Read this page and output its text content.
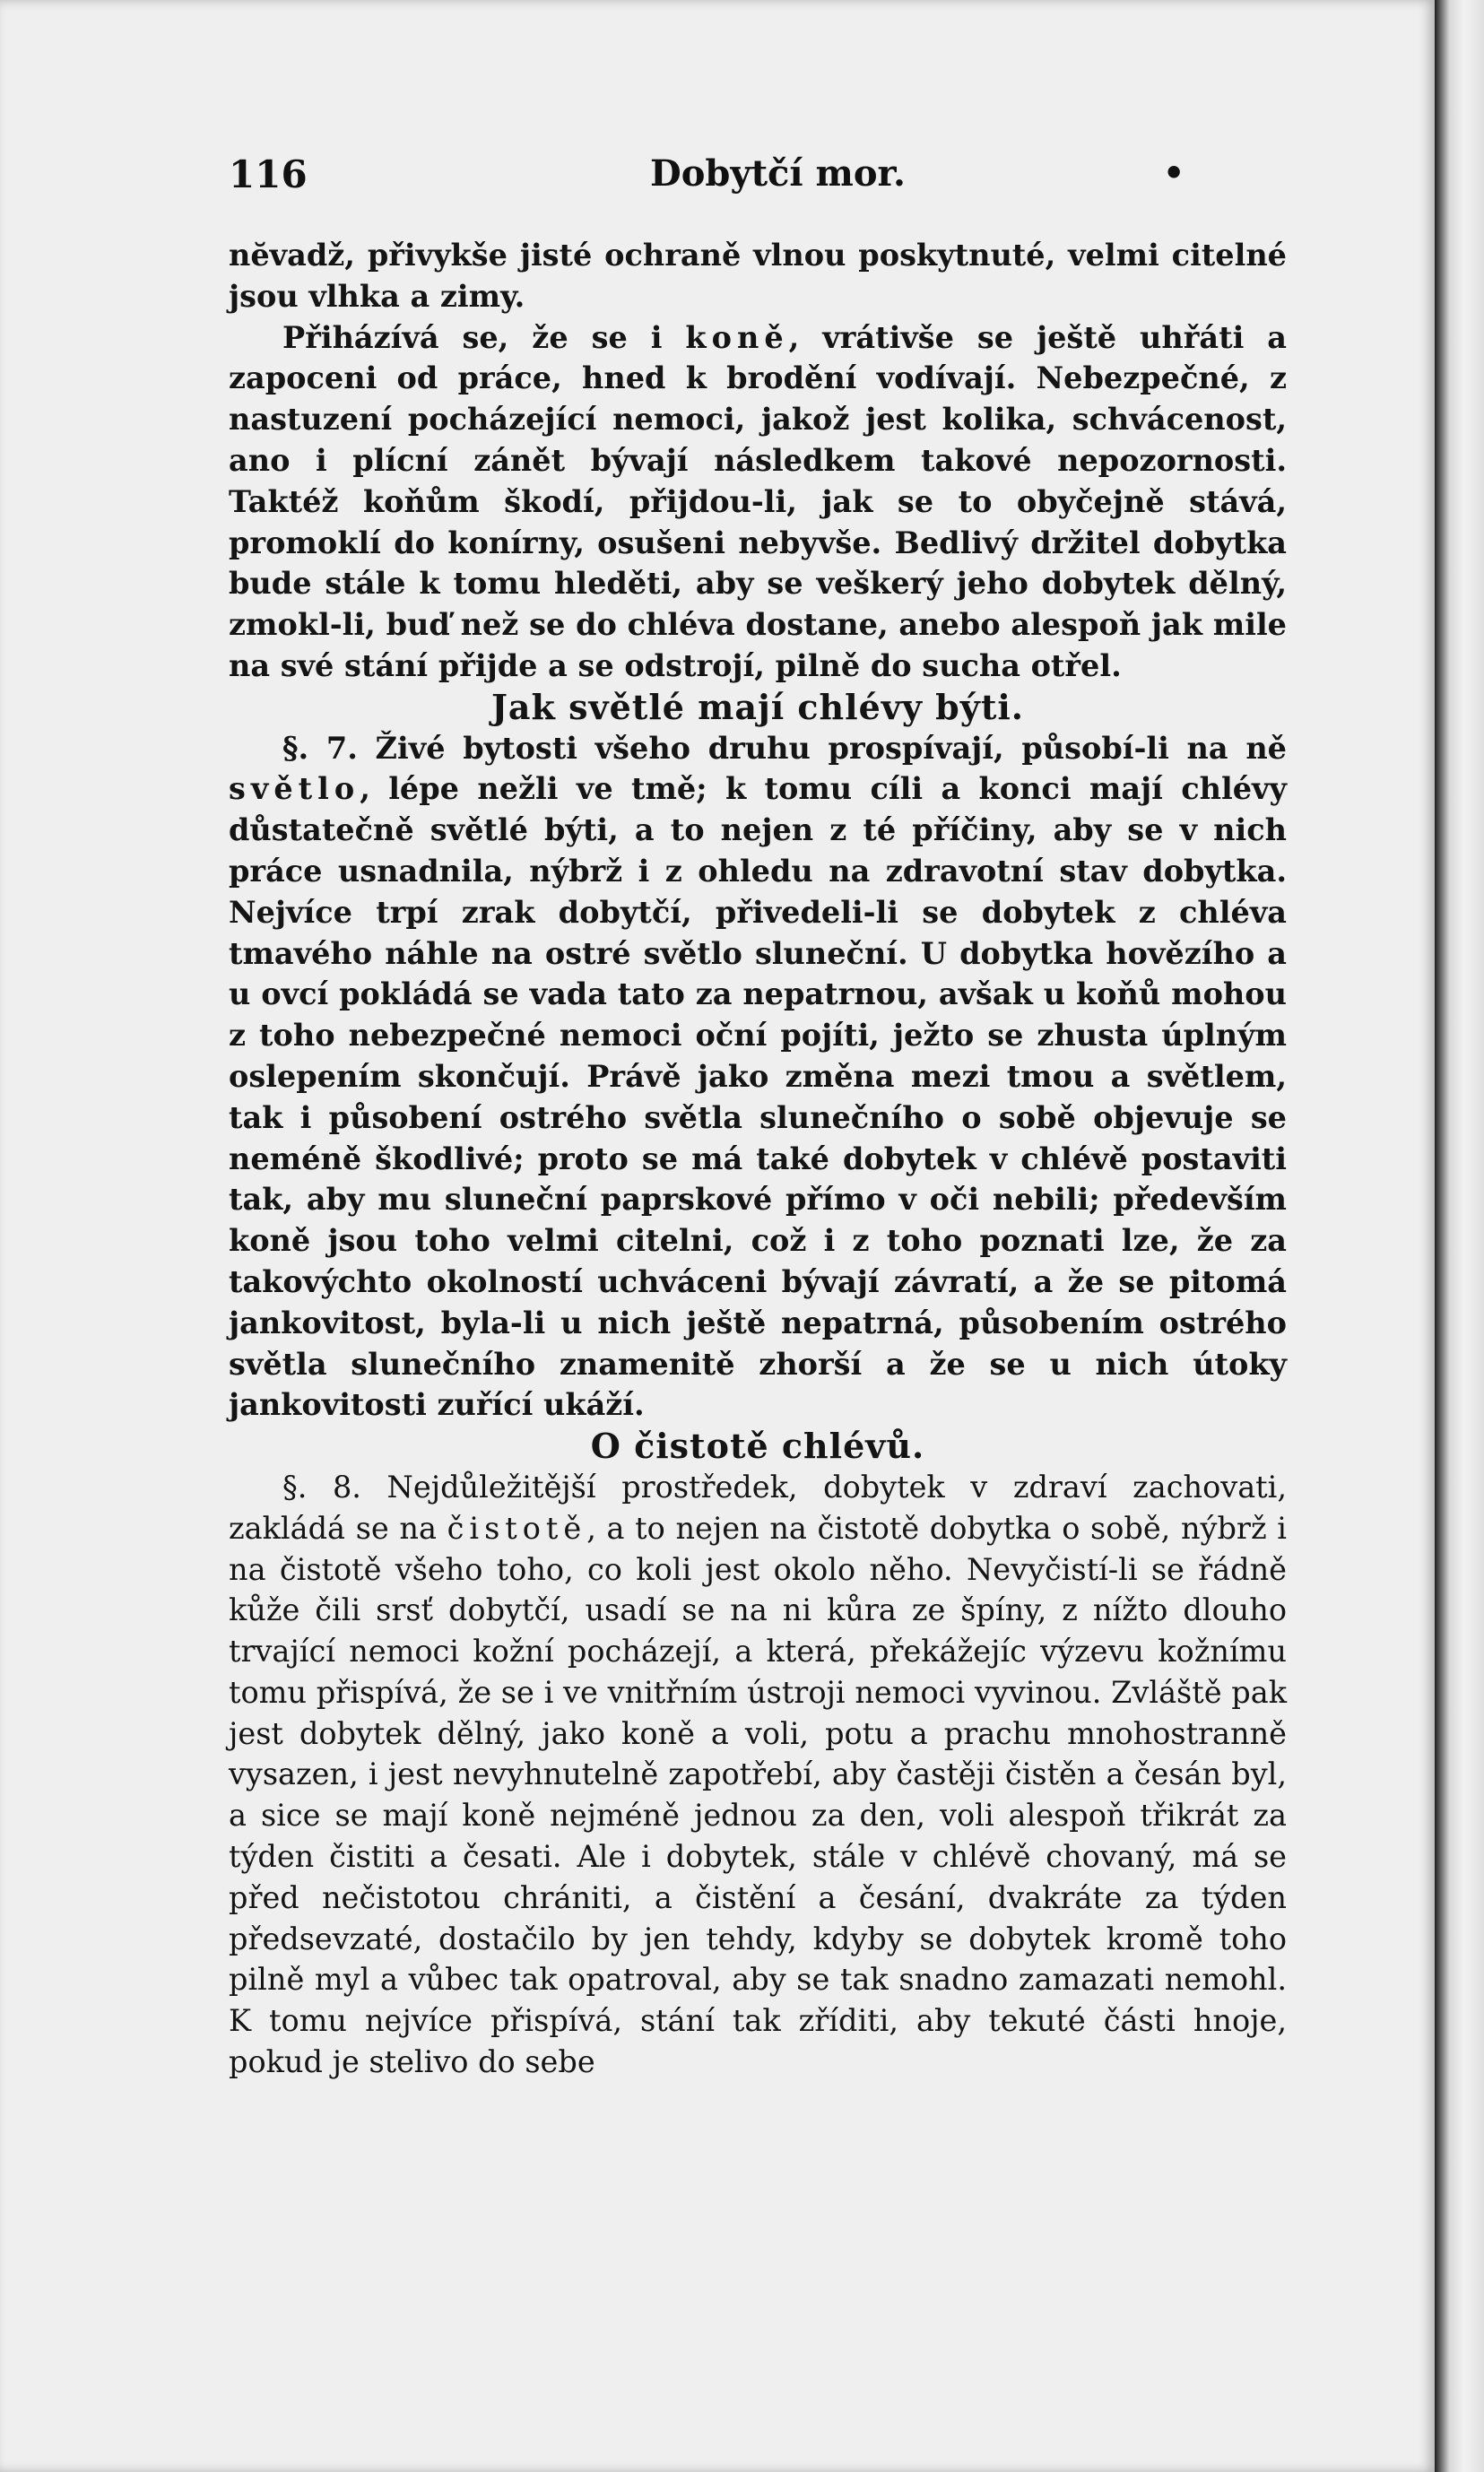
116	Dobytčí mor.	•

nĕvadž, přivykše jisté ochraně vlnou poskytnuté, velmi citelné jsou vlhka a zimy.

Přiházívá se, že se i koně, vrátivše se ještě uhřáti a zapoceni od práce, hned k brodění vodívají. Nebezpečné, z nastuzení pocházející nemoci, jakož jest kolika, schvácenost, ano i plícní zánět bývají následkem takové nepozornosti. Taktéž koňům škodí, přijdou-li, jak se to obyčejně stává, promoklí do konírny, osušeni nebyvše. Bedlivý držitel dobytka bude stále k tomu hleděti, aby se veškerý jeho dobytek dělný, zmokl-li, buď než se do chléva dostane, anebo alespoň jak mile na své stání přijde a se odstrojí, pilně do sucha otřel.

Jak světlé mají chlévy býti.

§. 7. Živé bytosti všeho druhu prospívají, působí-li na ně světlo, lépe nežli ve tmě; k tomu cíli a konci mají chlévy důstatečně světlé býti, a to nejen z té příčiny, aby se v nich práce usnadnila, nýbrž i z ohledu na zdravotní stav dobytka. Nejvíce trpí zrak dobytčí, přivedeli-li se dobytek z chléva tmavého náhle na ostré světlo sluneční. U dobytka hovězího a u ovcí pokládá se vada tato za nepatrnou, avšak u koňů mohou z toho nebezpečné nemoci oční pojíti, ježto se zhusta úplným oslepením skončují. Právě jako změna mezi tmou a světlem, tak i působení ostrého světla slunečního o sobě objevuje se neméně škodlivé; proto se má také dobytek v chlévě postaviti tak, aby mu sluneční paprskové přímo v oči nebili; především koně jsou toho velmi citelni, což i z toho poznati lze, že za takovýchto okolností uchváceni bývají závratí, a že se pitomá jankovitost, byla-li u nich ještě nepatrná, působením ostrého světla slunečního znamenitě zhorší a že se u nich útoky jankovitosti zuřící ukáží.

O čistotě chlévů.

§. 8. Nejdůležitější prostředek, dobytek v zdraví zachovati, zakládá se na čistotě, a to nejen na čistotě dobytka o sobě, nýbrž i na čistotě všeho toho, co koli jest okolo něho. Nevyčistí-li se řádně kůže čili srsť dobytčí, usadí se na ni kůra ze špíny, z nížto dlouho trvající nemoci kožní pocházejí, a která, překážejíc výzevu kožnímu tomu přispívá, že se i ve vnitřním ústroji nemoci vyvinou. Zvláště pak jest dobytek dělný, jako koně a voli, potu a prachu mnohostranně vysazen, i jest nevyhnutelně zapotřebí, aby častěji čistěn a česán byl, a sice se mají koně nejméně jednou za den, voli alespoň třikrát za týden čistiti a česati. Ale i dobytek, stále v chlévě chovaný, má se před nečistotou chrániti, a čistění a česání, dvakráte za týden předsevzaté, dostačilo by jen tehdy, kdyby se dobytek kromě toho pilně myl a vůbec tak opatroval, aby se tak snadno zamazati nemohl. K tomu nejvíce přispívá, stání tak zříditi, aby tekuté části hnoje, pokud je stelivo do sebe
